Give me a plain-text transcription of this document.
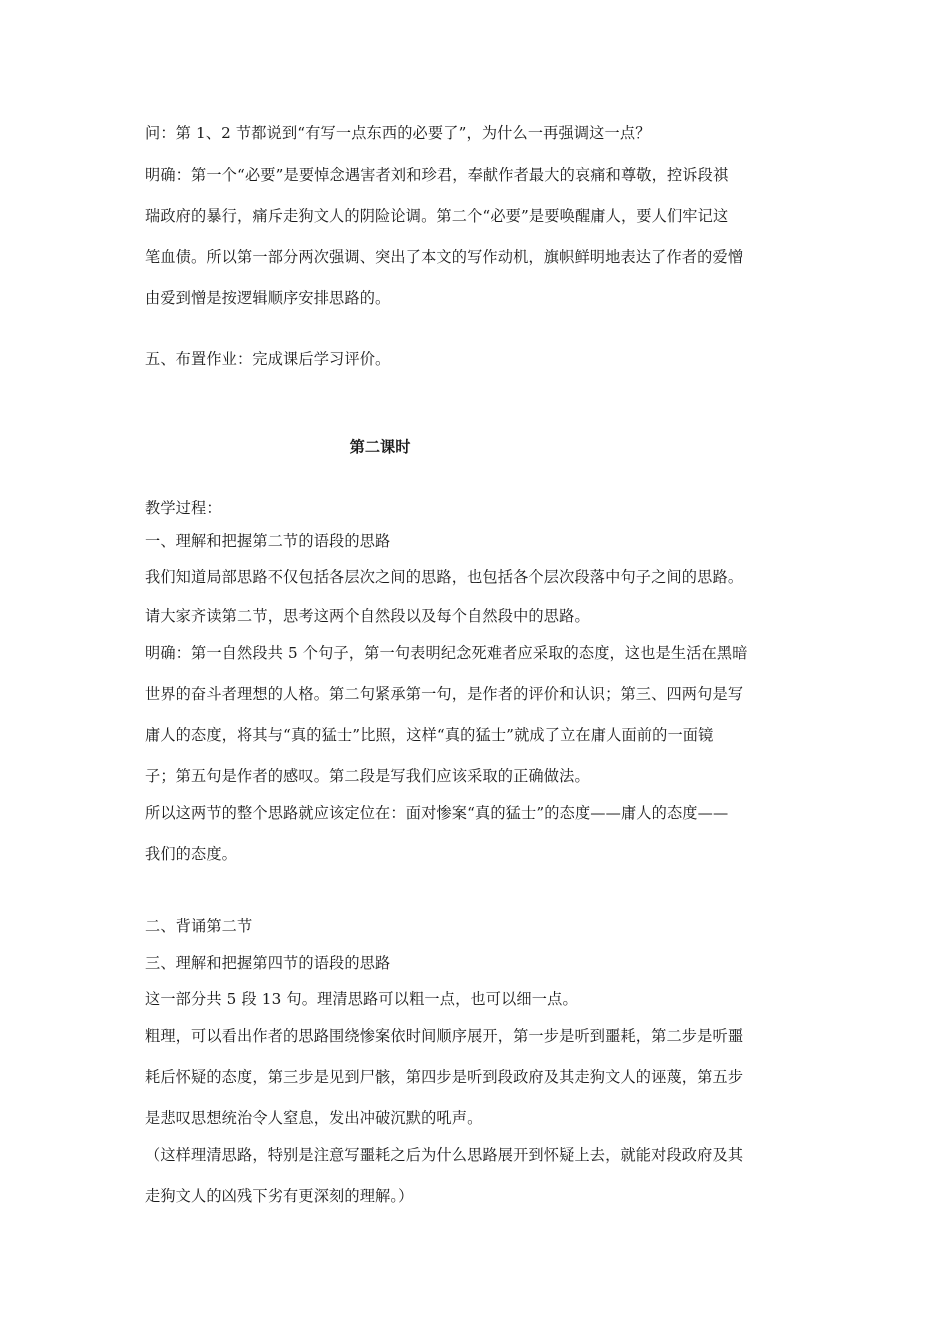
问：第 1、2 节都说到“有写一点东西的必要了”，为什么一再强调这一点？

明确：第一个“必要”是要悼念遇害者刘和珍君，奉献作者最大的哀痛和尊敬，控诉段祺

瑞政府的暴行，痛斥走狗文人的阴险论调。第二个“必要”是要唤醒庸人，要人们牢记这

笔血债。所以第一部分两次强调、突出了本文的写作动机，旗帜鲜明地表达了作者的爱憎

由爱到憎是按逻辑顺序安排思路的。

五、布置作业：完成课后学习评价。

第二课时

教学过程：

一、理解和把握第二节的语段的思路

我们知道局部思路不仅包括各层次之间的思路，也包括各个层次段落中句子之间的思路。

请大家齐读第二节，思考这两个自然段以及每个自然段中的思路。

明确：第一自然段共 5 个句子，第一句表明纪念死难者应采取的态度，这也是生活在黑暗

世界的奋斗者理想的人格。第二句紧承第一句，是作者的评价和认识；第三、四两句是写

庸人的态度，将其与“真的猛士”比照，这样“真的猛士”就成了立在庸人面前的一面镜

子；第五句是作者的感叹。第二段是写我们应该采取的正确做法。

所以这两节的整个思路就应该定位在：面对惨案“真的猛士”的态度——庸人的态度——

我们的态度。

二、背诵第二节

三、理解和把握第四节的语段的思路

这一部分共 5 段 13 句。理清思路可以粗一点，也可以细一点。

粗理，可以看出作者的思路围绕惨案依时间顺序展开，第一步是听到噩耗，第二步是听噩

耗后怀疑的态度，第三步是见到尸骸，第四步是听到段政府及其走狗文人的诬蔑，第五步

是悲叹思想统治令人窒息，发出冲破沉默的吼声。

（这样理清思路，特别是注意写噩耗之后为什么思路展开到怀疑上去，就能对段政府及其

走狗文人的凶残下劣有更深刻的理解。）
